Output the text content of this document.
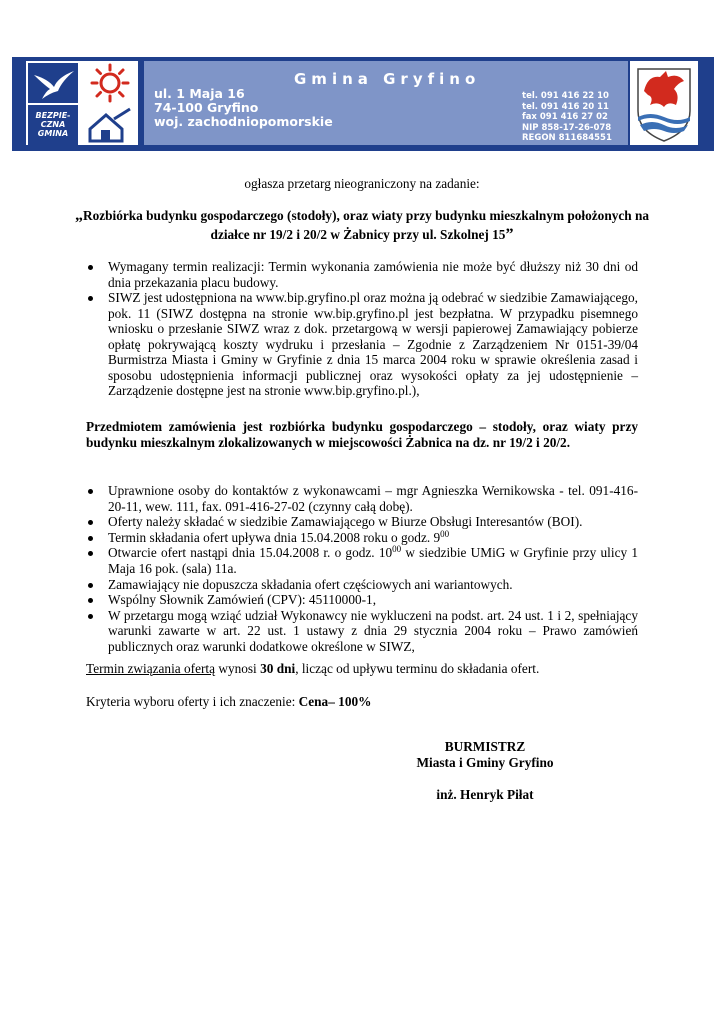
BEZPIE-
CZNA
GMINA
Gmina Gryfino
ul. 1 Maja 16
74-100 Gryfino
woj. zachodniopomorskie
tel. 091 416 22 10
tel. 091 416 20 11
fax 091 416 27 02
NIP 858-17-26-078
REGON 811684551
ogłasza przetarg nieograniczony na zadanie:
„Rozbiórka budynku gospodarczego (stodoły), oraz wiaty przy budynku mieszkalnym położonych na działce nr 19/2 i 20/2 w Żabnicy przy ul. Szkolnej 15”
Wymagany termin realizacji: Termin wykonania zamówienia nie może być dłuższy niż 30 dni od dnia przekazania placu budowy.
SIWZ jest udostępniona na www.bip.gryfino.pl oraz można ją odebrać w siedzibie Zamawiającego, pok. 11 (SIWZ dostępna na stronie ww.bip.gryfino.pl jest bezpłatna. W przypadku pisemnego wniosku o przesłanie SIWZ wraz z dok. przetargową w wersji papierowej Zamawiający pobierze opłatę pokrywającą koszty wydruku i przesłania – Zgodnie z Zarządzeniem Nr 0151-39/04 Burmistrza Miasta i Gminy w Gryfinie z dnia 15 marca 2004 roku w sprawie określenia zasad i sposobu udostępnienia informacji publicznej oraz wysokości opłaty za jej udostępnienie – Zarządzenie dostępne jest na stronie www.bip.gryfino.pl.),
Przedmiotem zamówienia jest rozbiórka budynku gospodarczego – stodoły, oraz wiaty przy budynku mieszkalnym zlokalizowanych w miejscowości Żabnica na dz. nr 19/2 i 20/2.
Uprawnione osoby do kontaktów z wykonawcami – mgr Agnieszka Wernikowska - tel. 091-416-20-11, wew. 111, fax. 091-416-27-02 (czynny całą dobę).
Oferty należy składać w siedzibie Zamawiającego w Biurze Obsługi Interesantów (BOI).
Termin składania ofert upływa dnia 15.04.2008 roku o godz. $9^{00}$
Otwarcie ofert nastąpi dnia 15.04.2008 r. o godz. $10^{00}$ w siedzibie UMiG w Gryfinie przy ulicy 1 Maja 16 pok. (sala) 11a.
Zamawiający nie dopuszcza składania ofert częściowych ani wariantowych.
Wspólny Słownik Zamówień (CPV): 45110000-1,
W przetargu mogą wziąć udział Wykonawcy nie wykluczeni na podst. art. 24 ust. 1 i 2, spełniający warunki zawarte w art. 22 ust. 1 ustawy z dnia 29 stycznia 2004 roku – Prawo zamówień publicznych oraz warunki dodatkowe określone w SIWZ,
Termin związania ofertą wynosi 30 dni, licząc od upływu terminu do składania ofert.
Kryteria wyboru oferty i ich znaczenie: Cena– 100%
BURMISTRZ
Miasta i Gminy Gryfino
inż. Henryk Piłat
